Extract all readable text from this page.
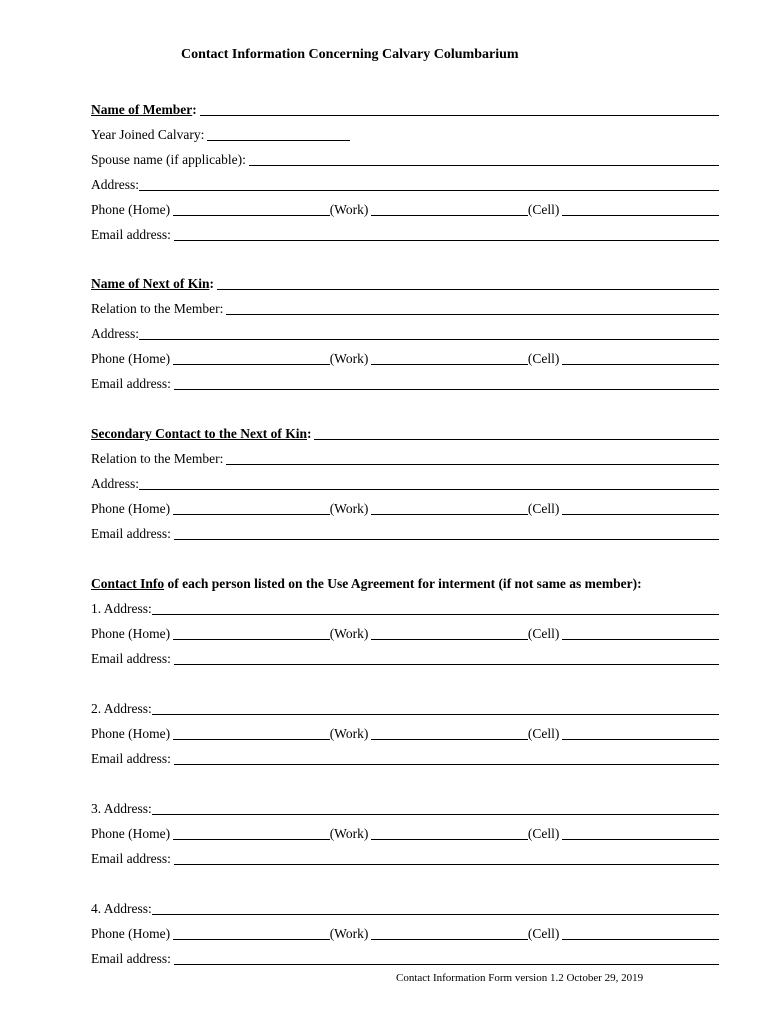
Contact Information Concerning Calvary Columbarium
Name of Member:
Year Joined Calvary:
Spouse name (if applicable):
Address:
Phone (Home)	(Work)	(Cell)
Email address:
Name of Next of Kin:
Relation to the Member:
Address:
Phone (Home)	(Work)	(Cell)
Email address:
Secondary Contact to the Next of Kin:
Relation to the Member:
Address:
Phone (Home)	(Work)	(Cell)
Email address:
Contact Info of each person listed on the Use Agreement for interment (if not same as member):
1. Address:
Phone (Home)	(Work)	(Cell)
Email address:
2. Address:
Phone (Home)	(Work)	(Cell)
Email address:
3. Address:
Phone (Home)	(Work)	(Cell)
Email address:
4. Address:
Phone (Home)	(Work)	(Cell)
Email address:
Contact Information Form version 1.2 October 29, 2019
